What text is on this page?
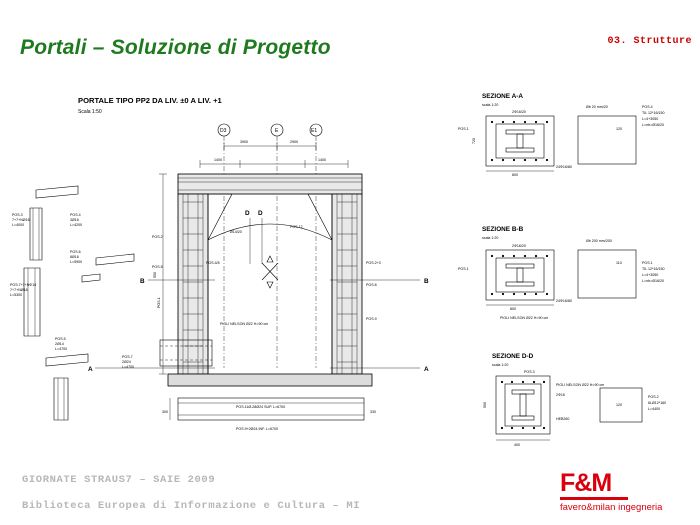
Portali – Soluzione di Progetto	03. Strutture
PORTALE TIPO PP2 DA LIV. ±0 A LIV. +1
Scala 1:50
D3	E	E1
3900	2900
1400	1400
A	A
B
B
D D
550
POS.3
7+7+NØ16
L=4000
POS.4
3Ø16
L=4200
POS.6
8Ø16
L=5900
POS.7+7+NΦ16
7+7+NØ16
L=5300
POS.5
2Ø14
L=4700
POS.7
2Ø24
L=4700
POS.4/5
POS.5
POS.2
POS.1
POS.2+3
POS.8
POS.9
Ø14/20
POS.12
POS.11Ø-28Ø24 SUP. L=6700
POS.9+2Ø24 INF. L=6700
300	330
PIOLI NELSON Ø22 H=90 cm
SEZIONE A-A
scala 1:20
2Φ16/20
POS.1
720
800
24Φ16/80
Øb 20 mm/20
120
POS.4
TIL 12*16/150
L=4+3050
L=nb=Ø16/20
SEZIONE B-B
scala 1:20
2Φ16/20
POS.1
800
24Φ16/80
PIOLI NELSON Ø22 H=90 cm
Øb 200 mm/200
110	POS.1
TIL 12*16/150
L=4+3050
L=nb=Ø16/20
SEZIONE D-D
scala 1:20
POS.3
2Φ16
HEB260
PIOLI NELSON Ø22 H=90 cm
400
500	120
POS.2
6LØ12*160
L=4400
GIORNATE STRAUS7 – SAIE 2009
Biblioteca Europea di Informazione e Cultura – MI
F&M
favero&milan ingegneria
